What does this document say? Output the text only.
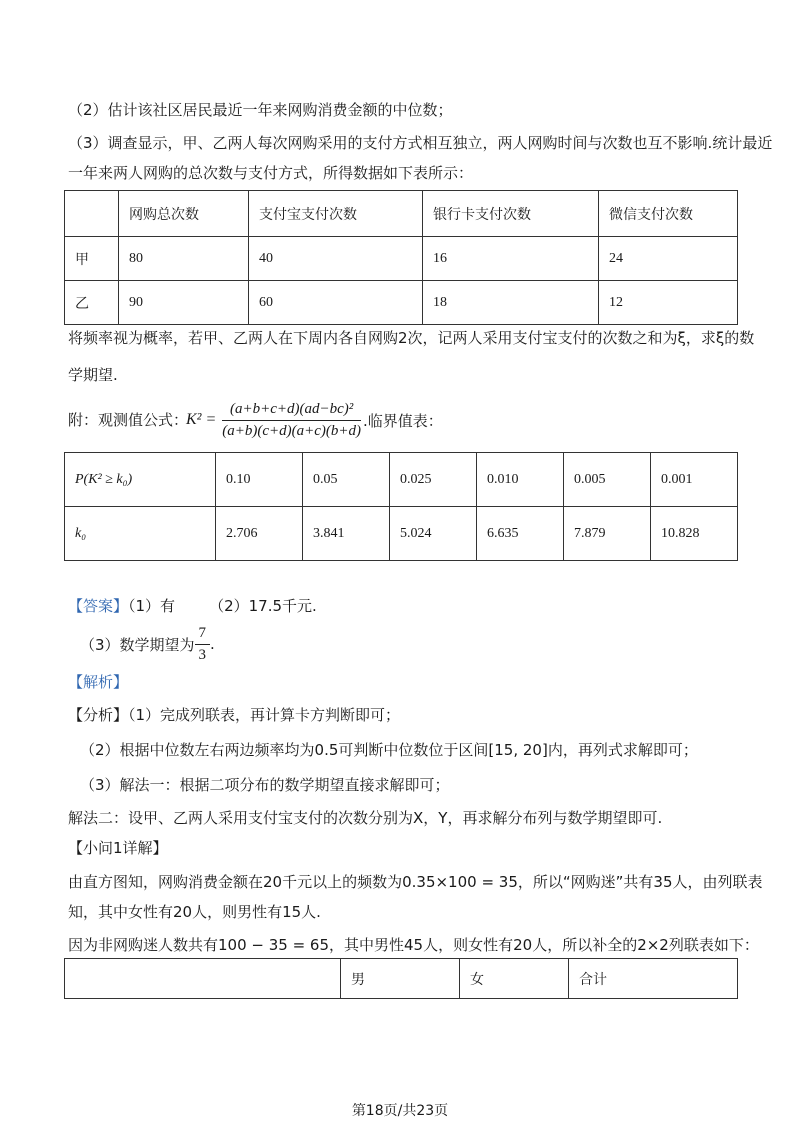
（2）估计该社区居民最近一年来网购消费金额的中位数；
（3）调查显示，甲、乙两人每次网购采用的支付方式相互独立，两人网购时间与次数也互不影响.统计最近
一年来两人网购的总次数与支付方式，所得数据如下表所示：
	网购总次数	支付宝支付次数	银行卡支付次数	微信支付次数
甲	80	40	16	24
乙	90	60	18	12
将频率视为概率，若甲、乙两人在下周内各自网购2次，记两人采用支付宝支付的次数之和为ξ，求ξ的数
学期望.
附：观测值公式：
$K^2 = \frac{\text{(a+b+c+d)(ad−bc)²}}{(a+b)(c+d)(a+c)(b+d)}$ .临界值表：
P(K² ≥ k₀)	0.10	0.05	0.025	0.010	0.005	0.001
k₀	2.706	3.841	5.024	6.635	7.879	10.828
【答案】（1）有 （2）17.5千元.
（3）数学期望为 $\frac{7}{3}$ .
【解析】
【分析】（1）完成列联表，再计算卡方判断即可；
（2）根据中位数左右两边频率均为0.5可判断中位数位于区间[15, 20]内，再列式求解即可；
（3）解法一：根据二项分布的数学期望直接求解即可；
解法二：设甲、乙两人采用支付宝支付的次数分别为X，Y，再求解分布列与数学期望即可.
【小问1详解】
由直方图知，网购消费金额在20千元以上的频数为0.35×100 = 35，所以“网购迷”共有35人，由列联表
知，其中女性有20人，则男性有15人.
因为非网购迷人数共有100 − 35 = 65，其中男性45人，则女性有20人，所以补全的2×2列联表如下：
	男	女	合计
第18页/共23页
